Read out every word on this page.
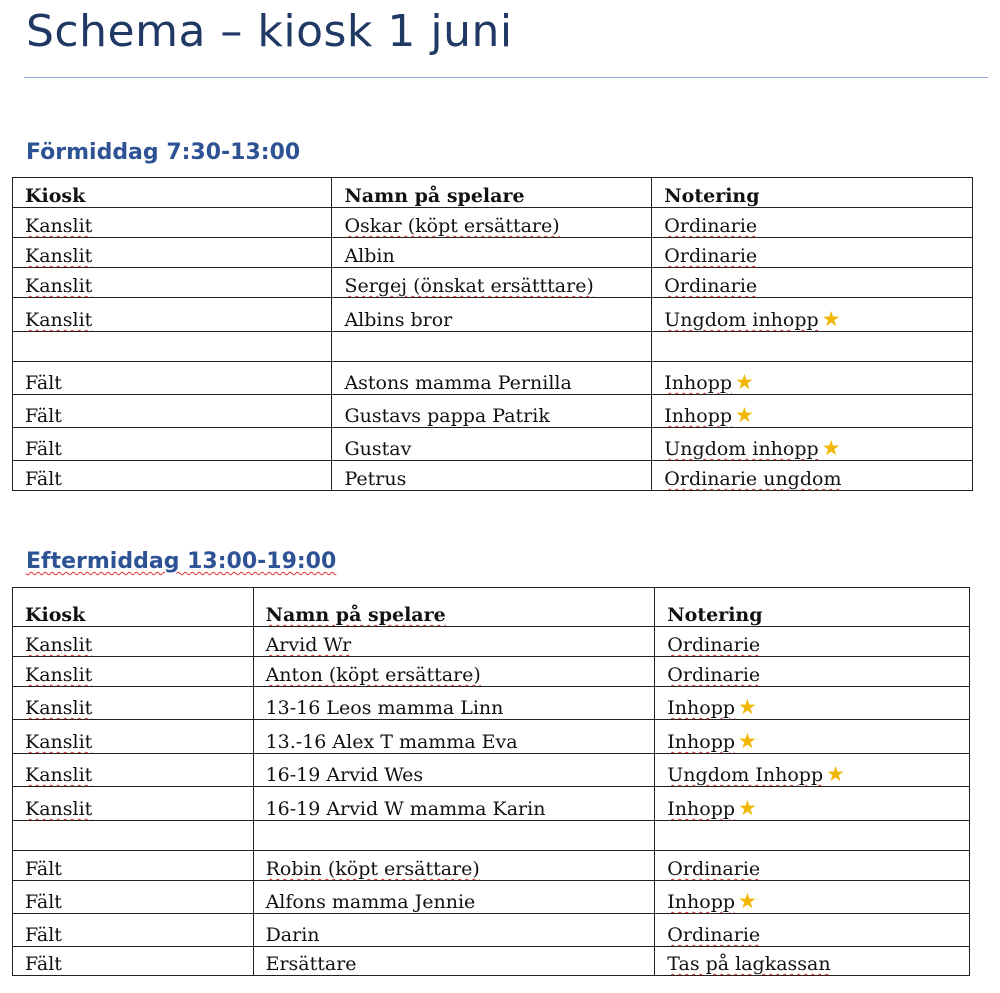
Schema – kiosk 1 juni
Förmiddag 7:30-13:00
Kiosk	Namn på spelare	Notering
Kanslit	Oskar (köpt ersättare)	Ordinarie
Kanslit	Albin	Ordinarie
Kanslit	Sergej (önskat ersätttare)	Ordinarie
Kanslit	Albins bror	Ungdom inhopp ★

Fält	Astons mamma Pernilla	Inhopp ★
Fält	Gustavs pappa Patrik	Inhopp ★
Fält	Gustav	Ungdom inhopp ★
Fält	Petrus	Ordinarie ungdom
Eftermiddag 13:00-19:00
Kiosk	Namn på spelare	Notering
Kanslit	Arvid Wr	Ordinarie
Kanslit	Anton (köpt ersättare)	Ordinarie
Kanslit	13-16 Leos mamma Linn	Inhopp ★
Kanslit	13.-16 Alex T mamma Eva	Inhopp ★
Kanslit	16-19 Arvid Wes	Ungdom Inhopp ★
Kanslit	16-19 Arvid W mamma Karin	Inhopp ★

Fält	Robin (köpt ersättare)	Ordinarie
Fält	Alfons mamma Jennie	Inhopp ★
Fält	Darin	Ordinarie
Fält	Ersättare	Tas på lagkassan
